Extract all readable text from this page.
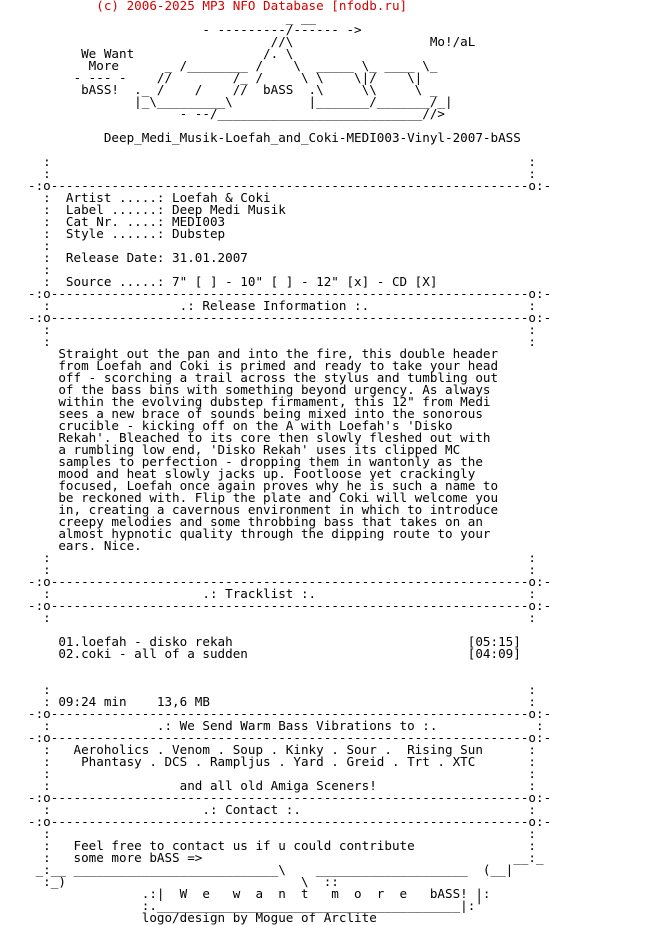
(c) 2006-2025 MP3 NFO Database [nfodb.ru]
_ __
- ---------/------ ->
//\                  Mo!/aL
We Want                 /. \
More      _ /________ /    \  _____ \_ ____ \_
- --- -    //        /_ /     \ \    \|/    \|
bASS!  ._ /    /    //  bASS  .\     \\     \ _
|_\_________\          |_______/_______/_|
- --/___________________________//>

Deep_Medi_Musik-Loefah_and_Coki-MEDI003-Vinyl-2007-bASS

:                                                               :
:                                                               :
-:o---------------------------------------------------------------o:-
:  Artist .....: Loefah & Coki
:  Label ......: Deep Medi Musik
:  Cat Nr. ....: MEDI003
:  Style ......: Dubstep
:
:  Release Date: 31.01.2007
:
:  Source .....: 7" [ ] - 10" [ ] - 12" [x] - CD [X]
-:o---------------------------------------------------------------o:-
:                 .: Release Information :.                     :
-:o---------------------------------------------------------------o:-
:                                                               :
:                                                               :
Straight out the pan and into the fire, this double header
from Loefah and Coki is primed and ready to take your head
off - scorching a trail across the stylus and tumbling out
of the bass bins with something beyond urgency. As always
within the evolving dubstep firmament, this 12" from Medi
sees a new brace of sounds being mixed into the sonorous
crucible - kicking off on the A with Loefah's 'Disko
Rekah'. Bleached to its core then slowly fleshed out with
a rumbling low end, 'Disko Rekah' uses its clipped MC
samples to perfection - dropping them in wantonly as the
mood and heat slowly jacks up. Footloose yet crackingly
focused, Loefah once again proves why he is such a name to
be reckoned with. Flip the plate and Coki will welcome you
in, creating a cavernous environment in which to introduce
creepy melodies and some throbbing bass that takes on an
almost hypnotic quality through the dipping route to your
ears. Nice.
:                                                               :
:                                                               :
-:o---------------------------------------------------------------o:-
:                    .: Tracklist :.                            :
-:o---------------------------------------------------------------o:-
:                                                               :

01.loefah - disko rekah                               [05:15]
02.coki - all of a sudden                             [04:09]

:                                                               :
: 09:24 min    13,6 MB                                          :
-:o---------------------------------------------------------------o:-
:              .: We Send Warm Bass Vibrations to :.             :
-:o---------------------------------------------------------------o:-
:   Aeroholics . Venom . Soup . Kinky . Sour .  Rising Sun      :
:    Phantasy . DCS . Rampljus . Yard . Greid . Trt . XTC       :
:                                                               :
:                 and all old Amiga Sceners!                    :
-:o---------------------------------------------------------------o:-
:                    .: Contact :.                              :
-:o---------------------------------------------------------------o:-
:                                                               :
:   Feel free to contact us if u could contribute               :
:   some more bASS =>                                         __:_
_:__ ___________________________\    ____________________  (__|
:_)                               \  ::
.:|  W  e   w  a  n  t   m  o  r  e   bASS! |:
:.________________________________________|:'
logo/design by Mogue of Arclite
